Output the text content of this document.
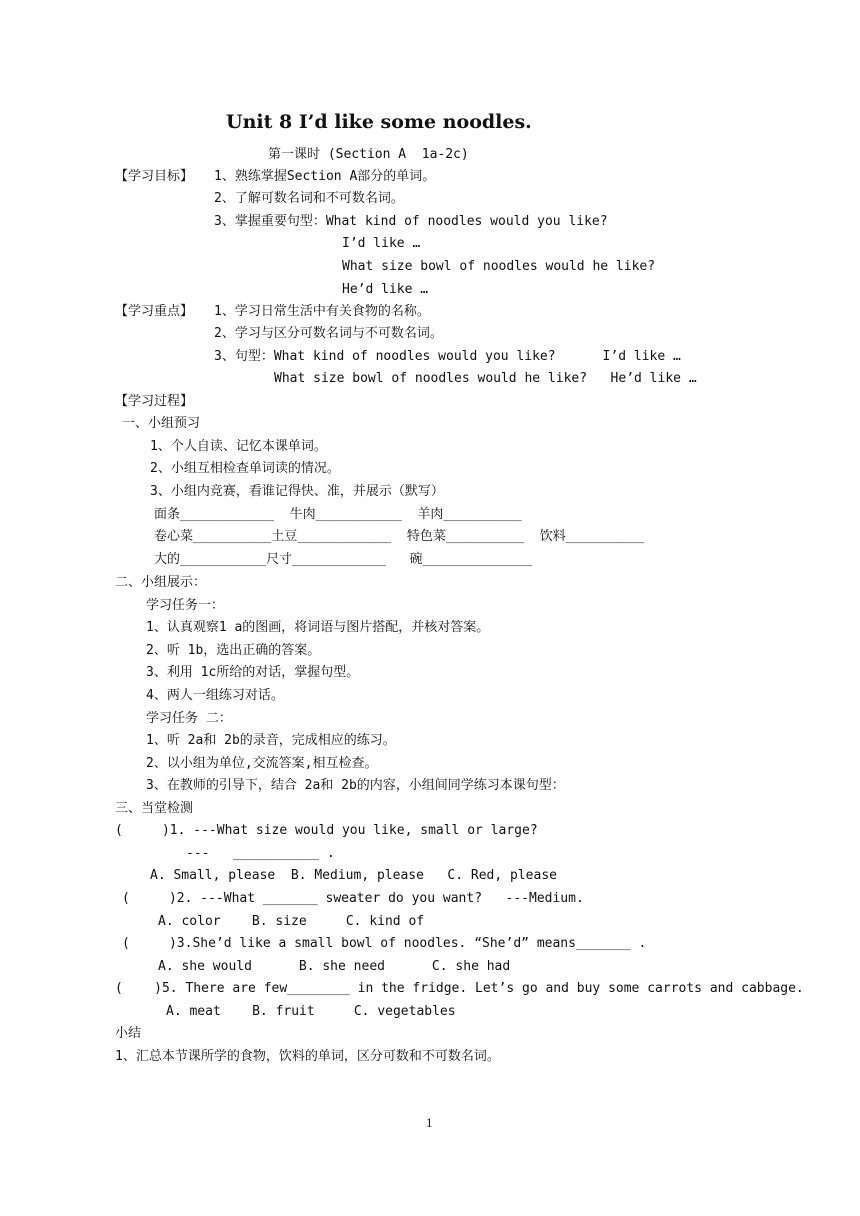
Unit 8 I’d like some noodles.
第一课时 (Section A  1a-2c)
【学习目标】 1、熟练掌握Section A部分的单词。
2、了解可数名词和不可数名词。
3、掌握重要句型：What kind of noodles would you like?
I’d like …
What size bowl of noodles would he like?
He’d like …
【学习重点】 1、学习日常生活中有关食物的名称。
2、学习与区分可数名词与不可数名词。
3、句型：What kind of noodles would you like?      I’d like …
What size bowl of noodles would he like?   He’d like …
【学习过程】
一、小组预习
1、个人自读、记忆本课单词。
2、小组互相检查单词读的情况。
3、小组内竞赛，看谁记得快、准，并展示（默写）
面条____________  牛肉___________  羊肉__________
卷心菜__________土豆____________  特色菜__________  饮料__________
大的___________尺寸____________   碗______________
二、小组展示：
学习任务一：
1、认真观察1 a的图画，将词语与图片搭配，并核对答案。
2、听 1b，选出正确的答案。
3、利用 1c所给的对话，掌握句型。
4、两人一组练习对话。
学习任务 二：
1、听 2a和 2b的录音，完成相应的练习。
2、以小组为单位,交流答案,相互检查。
3、在教师的引导下，结合 2a和 2b的内容，小组间同学练习本课句型：
三、当堂检测
(     )1. ---What size would you like, small or large?
---   ___________ .
A. Small, please  B. Medium, please   C. Red, please
(     )2. ---What _______ sweater do you want?   ---Medium.
A. color    B. size     C. kind of
(     )3.She’d like a small bowl of noodles. “She’d” means_______ .
A. she would      B. she need      C. she had
(    )5. There are few________ in the fridge. Let’s go and buy some carrots and cabbage.
A. meat    B. fruit     C. vegetables
小结
1、汇总本节课所学的食物，饮料的单词，区分可数和不可数名词。
1
